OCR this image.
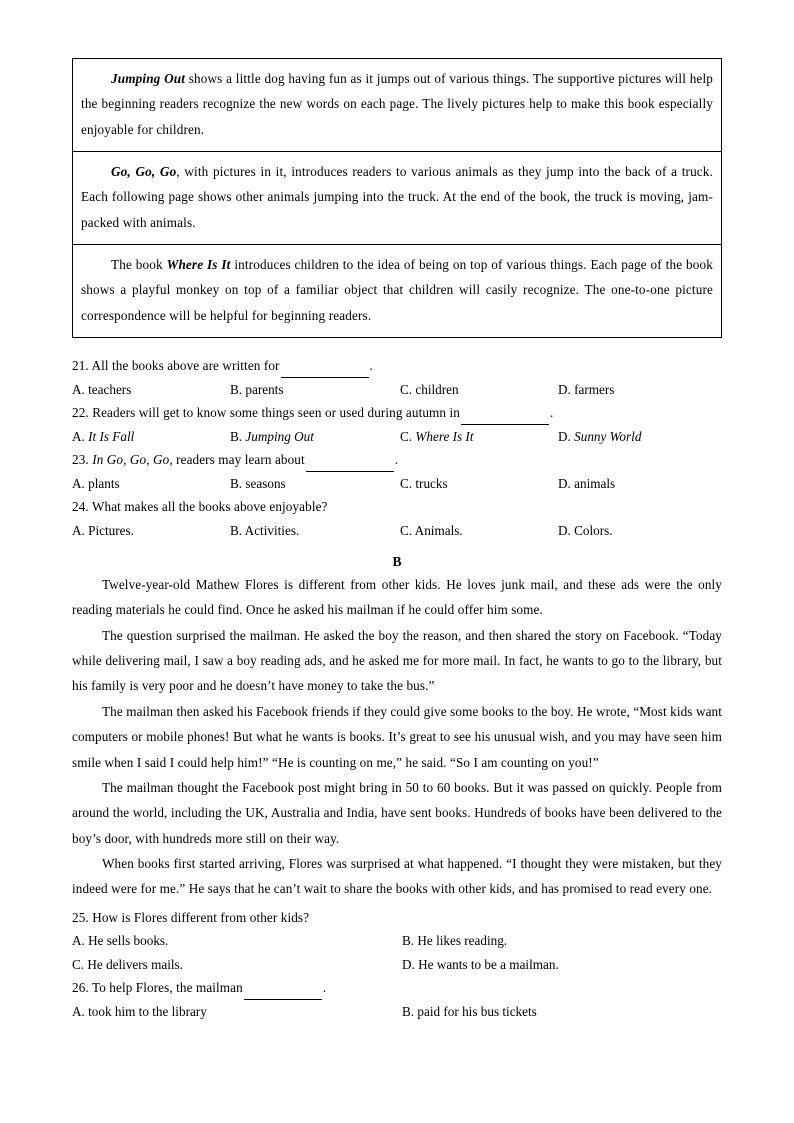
Jumping Out shows a little dog having fun as it jumps out of various things. The supportive pictures will help the beginning readers recognize the new words on each page. The lively pictures help to make this book especially enjoyable for children.

Go, Go, Go, with pictures in it, introduces readers to various animals as they jump into the back of a truck. Each following page shows other animals jumping into the truck. At the end of the book, the truck is moving, jam-packed with animals.

The book Where Is It introduces children to the idea of being on top of various things. Each page of the book shows a playful monkey on top of a familiar object that children will casily recognize. The one-to-one picture correspondence will be helpful for beginning readers.

21. All the books above are written for	.
A. teachers	B. parents	C. children	D. farmers
22. Readers will get to know some things seen or used during autumn in	.
A. It Is Fall	B. Jumping Out	C. Where Is It	D. Sunny World
23. In Go, Go, Go, readers may learn about	.
A. plants	B. seasons	C. trucks	D. animals
24. What makes all the books above enjoyable?
A. Pictures.	B. Activities.	C. Animals.	D. Colors.
B

Twelve-year-old Mathew Flores is different from other kids. He loves junk mail, and these ads were the only reading materials he could find. Once he asked his mailman if he could offer him some.

The question surprised the mailman. He asked the boy the reason, and then shared the story on Facebook. “Today while delivering mail, I saw a boy reading ads, and he asked me for more mail. In fact, he wants to go to the library, but his family is very poor and he doesn’t have money to take the bus.”

The mailman then asked his Facebook friends if they could give some books to the boy. He wrote, “Most kids want computers or mobile phones! But what he wants is books. It’s great to see his unusual wish, and you may have seen him smile when I said I could help him!” “He is counting on me,” he said. “So I am counting on you!”

The mailman thought the Facebook post might bring in 50 to 60 books. But it was passed on quickly. People from around the world, including the UK, Australia and India, have sent books. Hundreds of books have been delivered to the boy’s door, with hundreds more still on their way.

When books first started arriving, Flores was surprised at what happened. “I thought they were mistaken, but they indeed were for me.” He says that he can’t wait to share the books with other kids, and has promised to read every one.

25. How is Flores different from other kids?
A. He sells books.	B. He likes reading.
C. He delivers mails.	D. He wants to be a mailman.
26. To help Flores, the mailman	.
A. took him to the library	B. paid for his bus tickets
